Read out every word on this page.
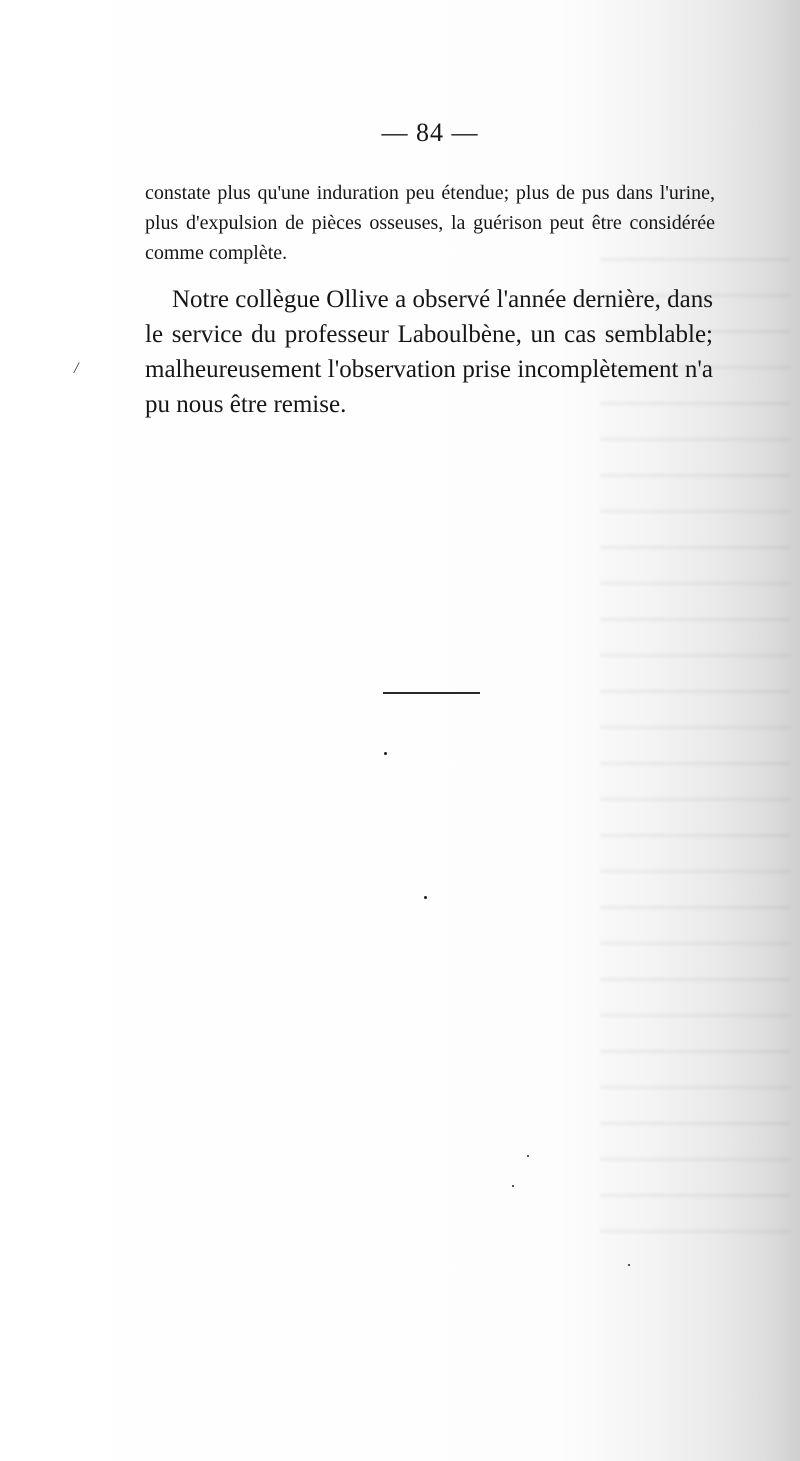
— 84 —

constate plus qu'une induration peu étendue; plus de pus dans l'urine, plus d'expulsion de pièces osseuses, la guérison peut être considérée comme complète.

Notre collègue Ollive a observé l'année dernière, dans le service du professeur Laboulbène, un cas semblable; malheureusement l'observation prise incomplètement n'a pu nous être remise.

/
